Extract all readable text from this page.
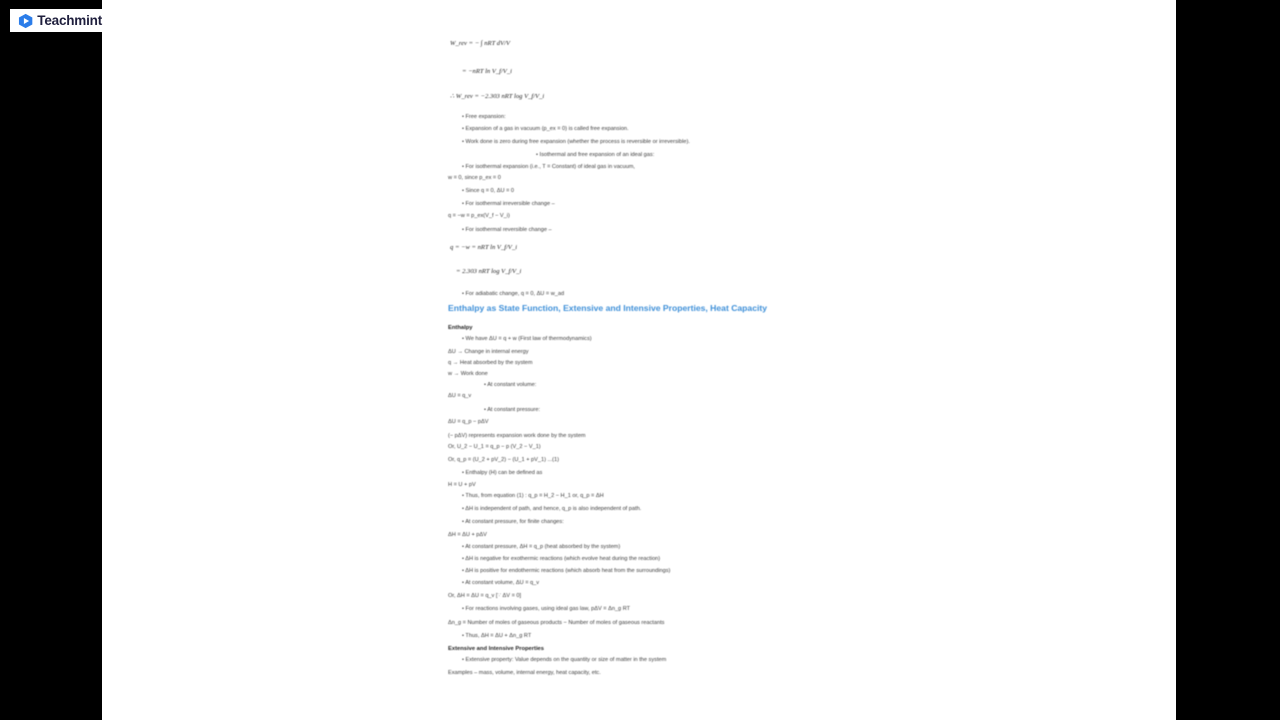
Teachmint
Enthalpy as State Function, Extensive and Intensive Properties, Heat Capacity
Enthalpy
Extensive and Intensive Properties
W_rev = − ∫ nRT dV/V
= −nRT ln V_f/V_i
∴ W_rev = −2.303 nRT log V_f/V_i
• Free expansion:
• Expansion of a gas in vacuum (p_ex = 0) is called free expansion.
• Work done is zero during free expansion (whether the process is reversible or irreversible).
• Isothermal and free expansion of an ideal gas:
• For isothermal expansion (i.e., T = Constant) of ideal gas in vacuum,
w = 0, since p_ex = 0
• Since q = 0, ΔU = 0
• For isothermal irreversible change –
q = −w = p_ex(V_f − V_i)
• For isothermal reversible change –
q = −w = nRT ln V_f/V_i
= 2.303 nRT log V_f/V_i
• For adiabatic change, q = 0, ΔU = w_ad
• We have ΔU = q + w (First law of thermodynamics)
ΔU → Change in internal energy
q → Heat absorbed by the system
w → Work done
• At constant volume:
ΔU = q_v
• At constant pressure:
ΔU = q_p − pΔV
(− pΔV) represents expansion work done by the system
Or, U_2 − U_1 = q_p − p (V_2 − V_1)
Or, q_p = (U_2 + pV_2) − (U_1 + pV_1) ...(1)
• Enthalpy (H) can be defined as
H = U + pV
• Thus, from equation (1) : q_p = H_2 − H_1 or, q_p = ΔH
• ΔH is independent of path, and hence, q_p is also independent of path.
• At constant pressure, for finite changes:
ΔH = ΔU + pΔV
• At constant pressure, ΔH = q_p (heat absorbed by the system)
• ΔH is negative for exothermic reactions (which evolve heat during the reaction)
• ΔH is positive for endothermic reactions (which absorb heat from the surroundings)
• At constant volume, ΔU = q_v
Or, ΔH = ΔU = q_v [∵ ΔV = 0]
• For reactions involving gases, using ideal gas law, pΔV = Δn_g RT
Δn_g = Number of moles of gaseous products − Number of moles of gaseous reactants
• Thus, ΔH = ΔU + Δn_g RT
• Extensive property: Value depends on the quantity or size of matter in the system
Examples – mass, volume, internal energy, heat capacity, etc.
